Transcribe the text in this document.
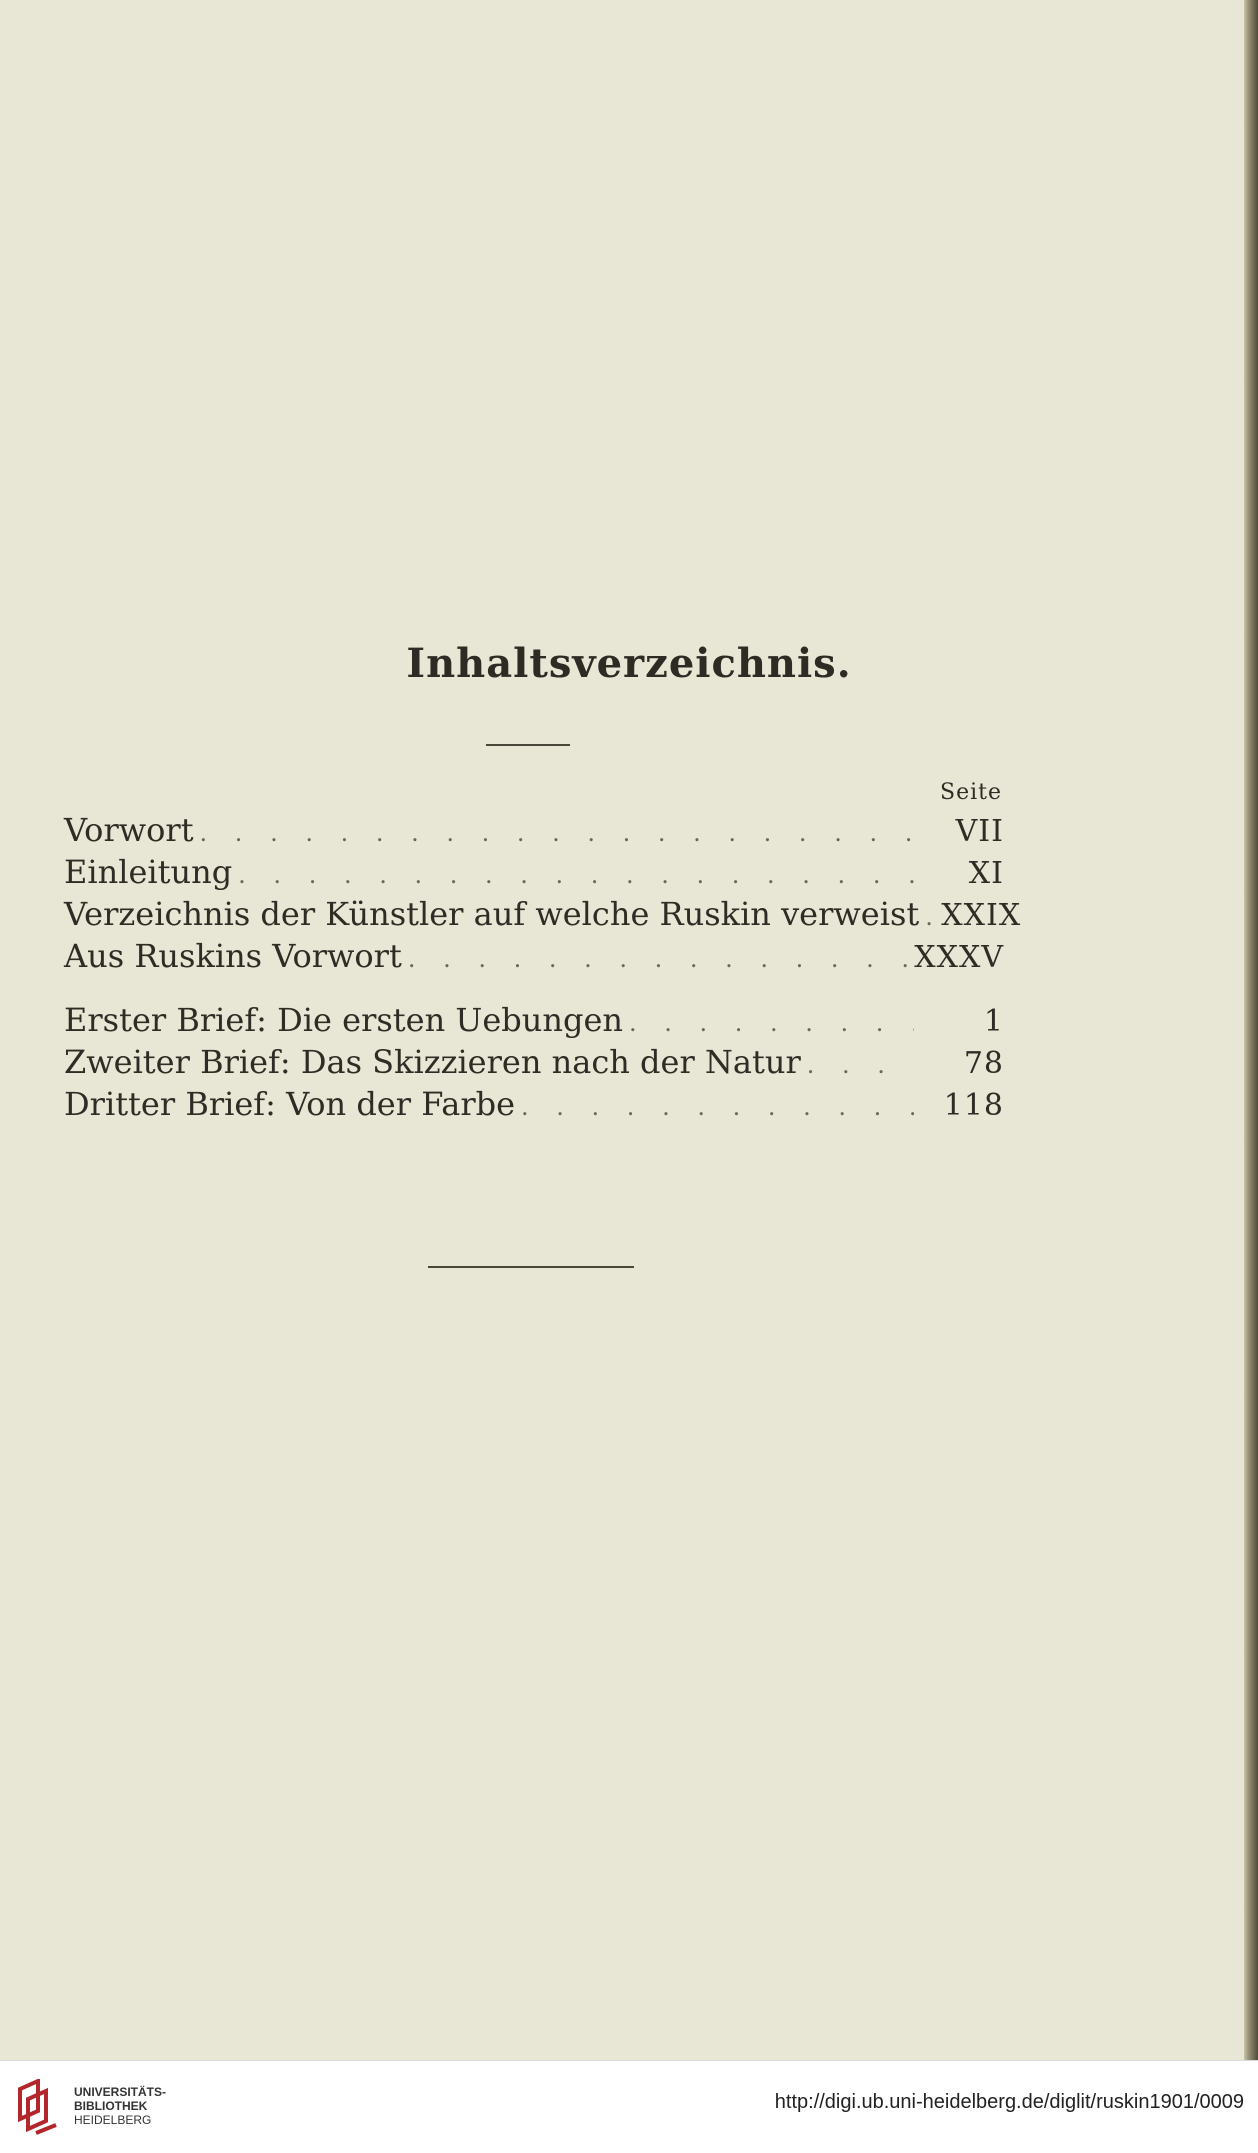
Inhaltsverzeichnis.
Seite
Vorwort . . .	VII
Einleitung . . .	XI
Verzeichnis der Künstler auf welche Ruskin verweist . . . XXIX
Aus Ruskins Vorwort . . .	XXXV
Erster Brief: Die ersten Uebungen . . .	1
Zweiter Brief: Das Skizzieren nach der Natur . . .	78
Dritter Brief: Von der Farbe . . .	118
UNIVERSITÄTS-
BIBLIOTHEK
HEIDELBERG
http://digi.ub.uni-heidelberg.de/diglit/ruskin1901/0009
